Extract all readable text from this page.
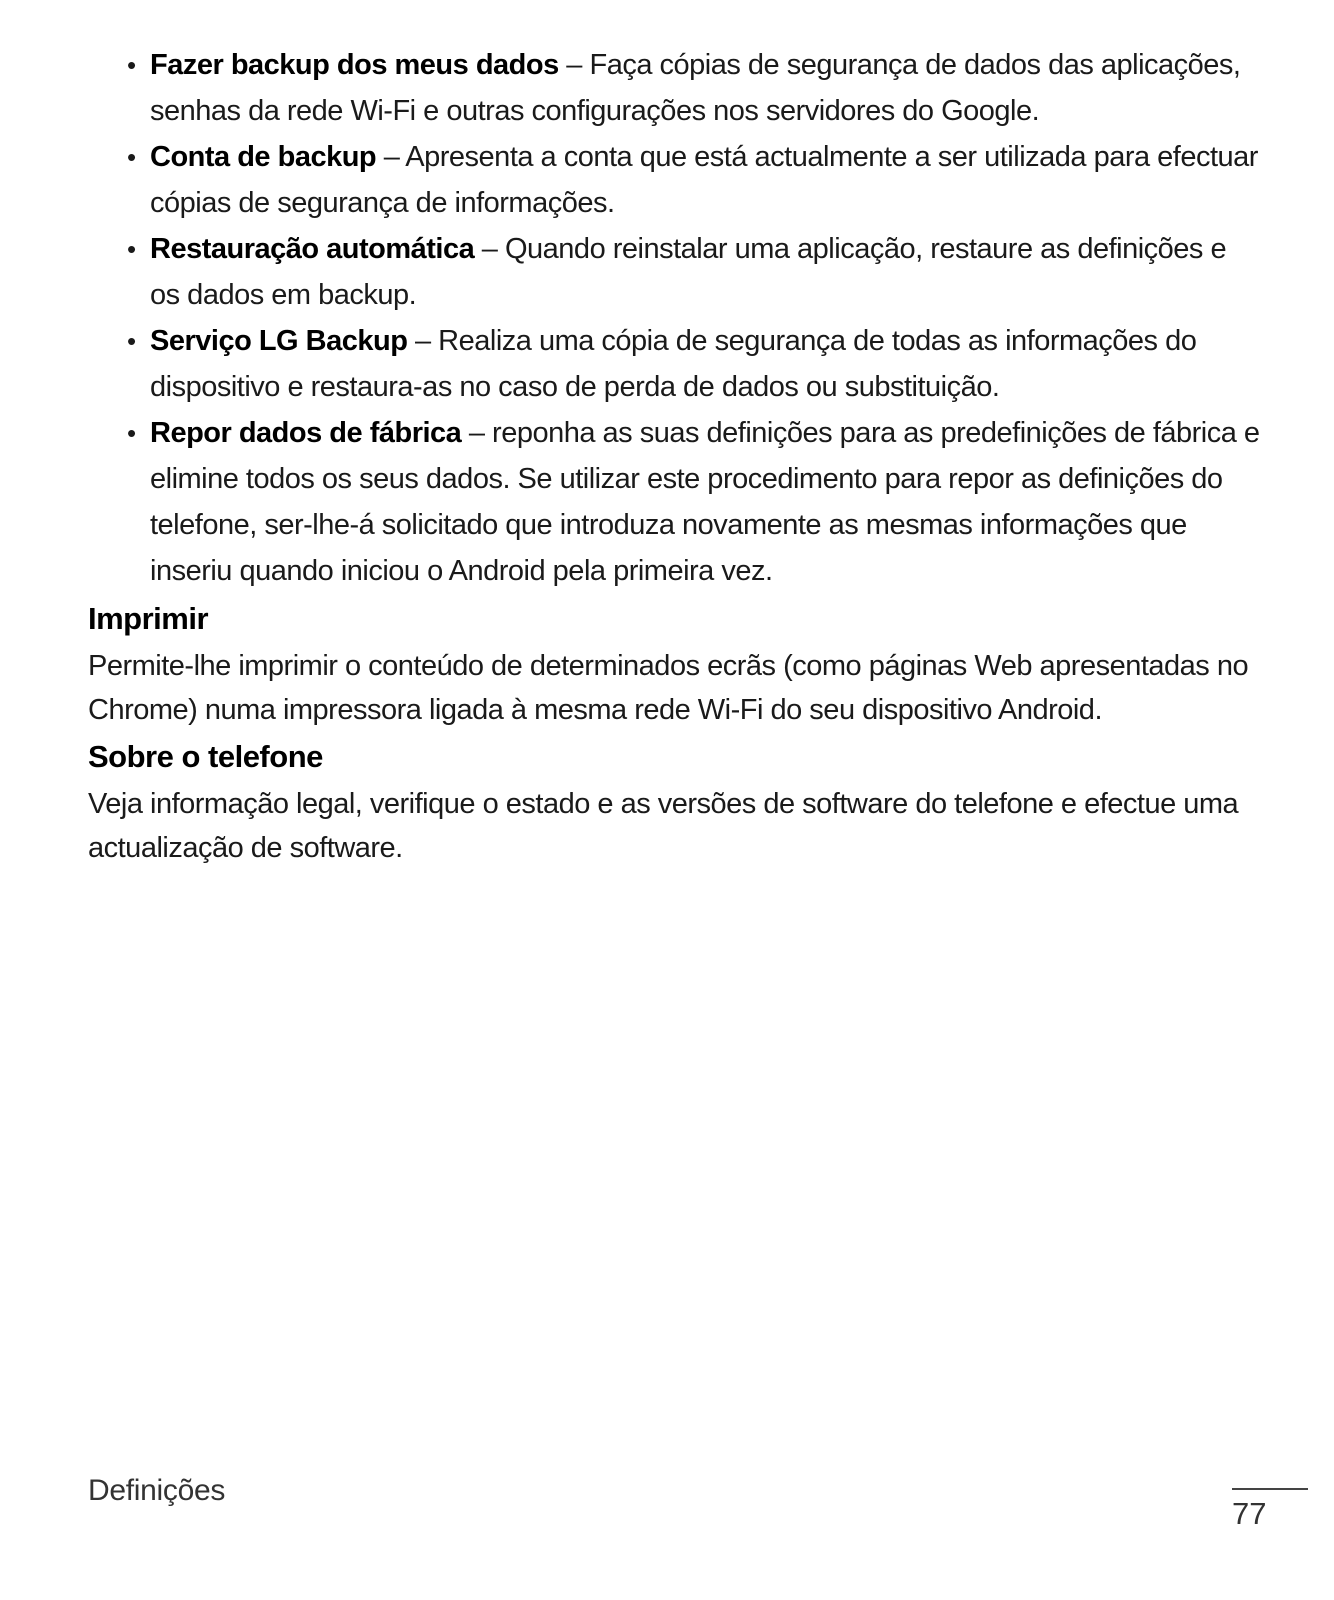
• Fazer backup dos meus dados – Faça cópias de segurança de dados das aplicações, senhas da rede Wi-Fi e outras configurações nos servidores do Google.
• Conta de backup – Apresenta a conta que está actualmente a ser utilizada para efectuar cópias de segurança de informações.
• Restauração automática – Quando reinstalar uma aplicação, restaure as definições e os dados em backup.
• Serviço LG Backup – Realiza uma cópia de segurança de todas as informações do dispositivo e restaura-as no caso de perda de dados ou substituição.
• Repor dados de fábrica – reponha as suas definições para as predefinições de fábrica e elimine todos os seus dados. Se utilizar este procedimento para repor as definições do telefone, ser-lhe-á solicitado que introduza novamente as mesmas informações que inseriu quando iniciou o Android pela primeira vez.
Imprimir
Permite-lhe imprimir o conteúdo de determinados ecrãs (como páginas Web apresentadas no Chrome) numa impressora ligada à mesma rede Wi-Fi do seu dispositivo Android.
Sobre o telefone
Veja informação legal, verifique o estado e as versões de software do telefone e efectue uma actualização de software.
Definições
77
